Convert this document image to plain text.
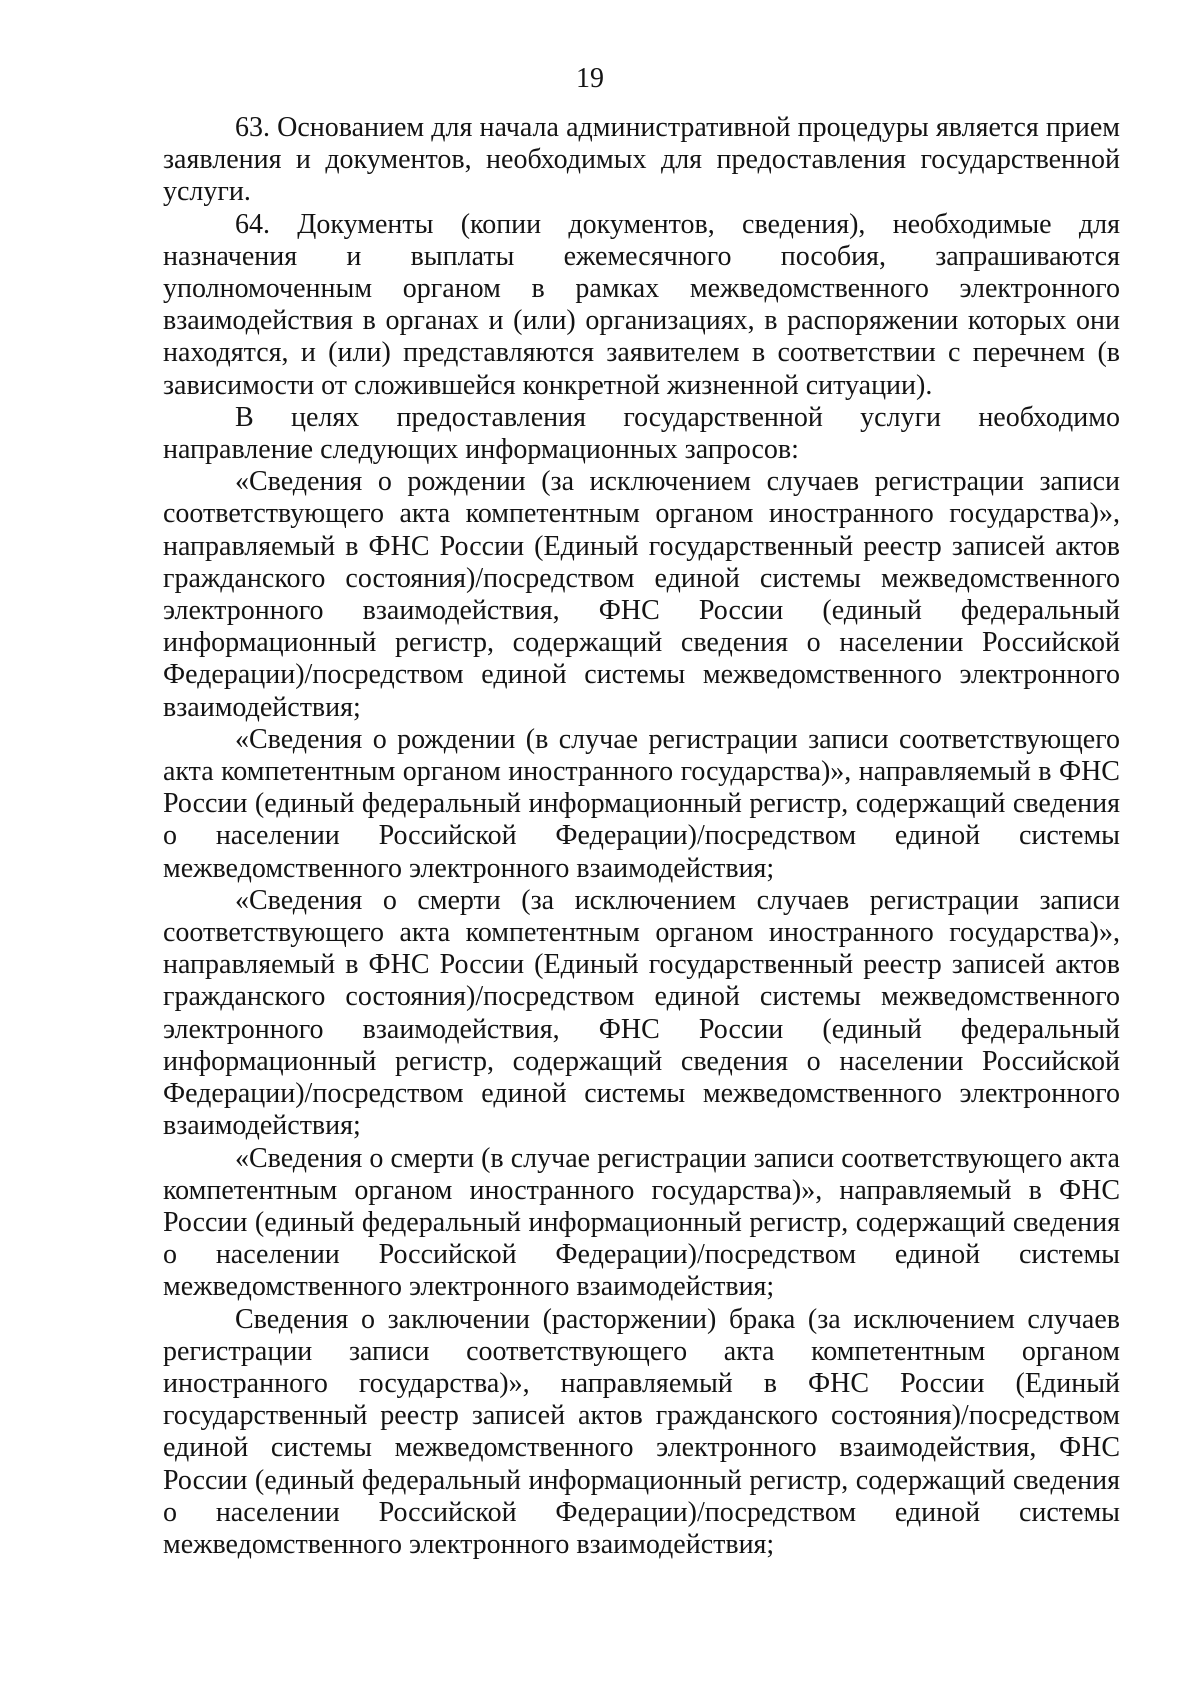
19

63. Основанием для начала административной процедуры является прием заявления и документов, необходимых для предоставления государственной услуги.

64. Документы (копии документов, сведения), необходимые для назначения и выплаты ежемесячного пособия, запрашиваются уполномоченным органом в рамках межведомственного электронного взаимодействия в органах и (или) организациях, в распоряжении которых они находятся, и (или) представляются заявителем в соответствии с перечнем (в зависимости от сложившейся конкретной жизненной ситуации).

В целях предоставления государственной услуги необходимо направление следующих информационных запросов:

«Сведения о рождении (за исключением случаев регистрации записи соответствующего акта компетентным органом иностранного государства)», направляемый в ФНС России (Единый государственный реестр записей актов гражданского состояния)/посредством единой системы межведомственного электронного взаимодействия, ФНС России (единый федеральный информационный регистр, содержащий сведения о населении Российской Федерации)/посредством единой системы межведомственного электронного взаимодействия;

«Сведения о рождении (в случае регистрации записи соответствующего акта компетентным органом иностранного государства)», направляемый в ФНС России (единый федеральный информационный регистр, содержащий сведения о населении Российской Федерации)/посредством единой системы межведомственного электронного взаимодействия;

«Сведения о смерти (за исключением случаев регистрации записи соответствующего акта компетентным органом иностранного государства)», направляемый в ФНС России (Единый государственный реестр записей актов гражданского состояния)/посредством единой системы межведомственного электронного взаимодействия, ФНС России (единый федеральный информационный регистр, содержащий сведения о населении Российской Федерации)/посредством единой системы межведомственного электронного взаимодействия;

«Сведения о смерти (в случае регистрации записи соответствующего акта компетентным органом иностранного государства)», направляемый в ФНС России (единый федеральный информационный регистр, содержащий сведения о населении Российской Федерации)/посредством единой системы межведомственного электронного взаимодействия;

Сведения о заключении (расторжении) брака (за исключением случаев регистрации записи соответствующего акта компетентным органом иностранного государства)», направляемый в ФНС России (Единый государственный реестр записей актов гражданского состояния)/посредством единой системы межведомственного электронного взаимодействия, ФНС России (единый федеральный информационный регистр, содержащий сведения о населении Российской Федерации)/посредством единой системы межведомственного электронного взаимодействия;
